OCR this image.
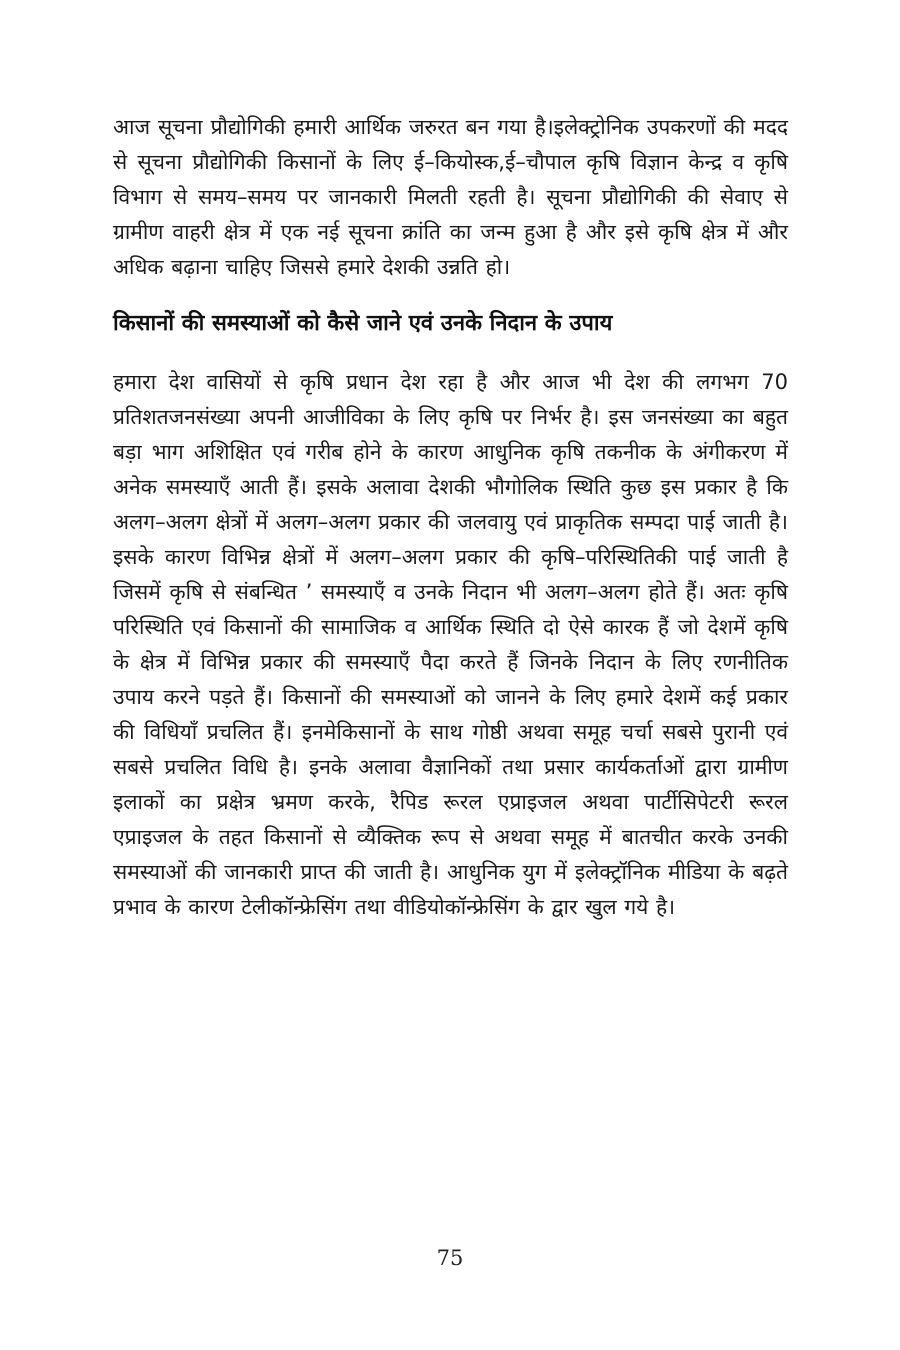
आज सूचना प्रौद्योगिकी हमारी आर्थिक जरुरत बन गया है।इलेक्ट्रोनिक उपकरणों की मदद से सूचना प्रौद्योगिकी किसानों के लिए ई–कियोस्क,ई–चौपाल कृषि विज्ञान केन्द्र व कृषि विभाग से समय–समय पर जानकारी मिलती रहती है। सूचना प्रौद्योगिकी की सेवाए से ग्रामीण वाहरी क्षेत्र में एक नई सूचना क्रांति का जन्म हुआ है और इसे कृषि क्षेत्र में और अधिक बढ़ाना चाहिए जिससे हमारे देशकी उन्नति हो।

किसानों की समस्याओं को कैसे जाने एवं उनके निदान के उपाय

हमारा देश वासियों से कृषि प्रधान देश रहा है और आज भी देश की लगभग 70 प्रतिशतजनसंख्या अपनी आजीविका के लिए कृषि पर निर्भर है। इस जनसंख्या का बहुत बड़ा भाग अशिक्षित एवं गरीब होने के कारण आधुनिक कृषि तकनीक के अंगीकरण में अनेक समस्याएँ आती हैं। इसके अलावा देशकी भौगोलिक स्थिति कुछ इस प्रकार है कि अलग–अलग क्षेत्रों में अलग–अलग प्रकार की जलवायु एवं प्राकृतिक सम्पदा पाई जाती है। इसके कारण विभिन्न क्षेत्रों में अलग–अलग प्रकार की कृषि–परिस्थितिकी पाई जाती है जिसमें कृषि से संबन्धित ’ समस्याएँ व उनके निदान भी अलग–अलग होते हैं। अतः कृषि परिस्थिति एवं किसानों की सामाजिक व आर्थिक स्थिति दो ऐसे कारक हैं जो देशमें कृषि के क्षेत्र में विभिन्न प्रकार की समस्याएँ पैदा करते हैं जिनके निदान के लिए रणनीतिक उपाय करने पड़ते हैं। किसानों की समस्याओं को जानने के लिए हमारे देशमें कई प्रकार की विधियाँ प्रचलित हैं। इनमेकिसानों के साथ गोष्ठी अथवा समूह चर्चा सबसे पुरानी एवं सबसे प्रचलित विधि है। इनके अलावा वैज्ञानिकों तथा प्रसार कार्यकर्ताओं द्वारा ग्रामीण इलाकों का प्रक्षेत्र भ्रमण करके, रैपिड रूरल एप्राइजल अथवा पार्टीसिपेटरी रूरल एप्राइजल के तहत किसानों से व्यैक्तिक रूप से अथवा समूह में बातचीत करके उनकी समस्याओं की जानकारी प्राप्त की जाती है। आधुनिक युग में इलेक्ट्रॉनिक मीडिया के बढ़ते प्रभाव के कारण टेलीकॉन्फ्रेसिंग तथा वीडियोकॉन्फ्रेसिंग के द्वार खुल गये है।

75
